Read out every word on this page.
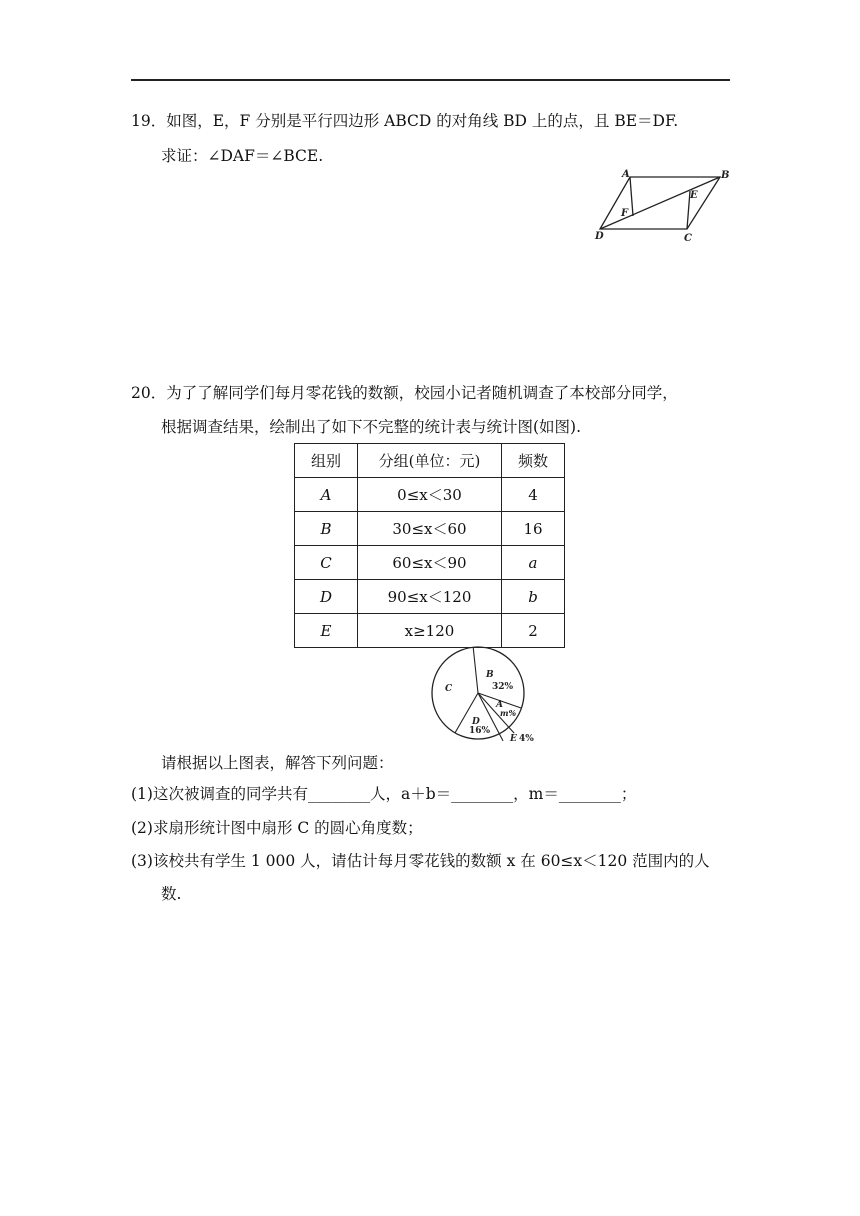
19．如图，E，F 分别是平行四边形 ABCD 的对角线 BD 上的点，且 BE＝DF.
求证：∠DAF＝∠BCE.
A	B
C
D
E
F
20．为了了解同学们每月零花钱的数额，校园小记者随机调查了本校部分同学，
根据调查结果，绘制出了如下不完整的统计表与统计图(如图).
组别	分组(单位：元)	频数
A	0≤x＜30	4
B	30≤x＜60	16
C	60≤x＜90	a
D	90≤x＜120	b
E	x≥120	2
B
32%
A
m%
E 4%
D
16%
C
请根据以上图表，解答下列问题：
(1)这次被调查的同学共有________人，a＋b＝________，m＝________；
(2)求扇形统计图中扇形 C 的圆心角度数；
(3)该校共有学生 1 000 人，请估计每月零花钱的数额 x 在 60≤x＜120 范围内的人
数.
